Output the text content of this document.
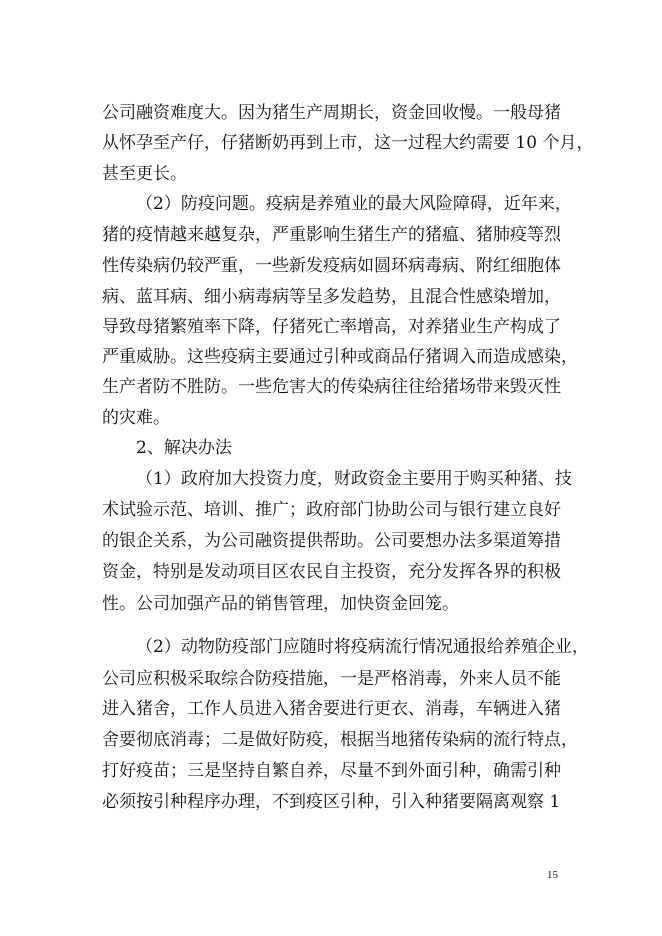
公司融资难度大。因为猪生产周期长，资金回收慢。一般母猪
从怀孕至产仔，仔猪断奶再到上市，这一过程大约需要 10 个月，
甚至更长。
（2）防疫问题。疫病是养殖业的最大风险障碍，近年来，
猪的疫情越来越复杂，严重影响生猪生产的猪瘟、猪肺疫等烈
性传染病仍较严重，一些新发疫病如圆环病毒病、附红细胞体
病、蓝耳病、细小病毒病等呈多发趋势，且混合性感染增加，
导致母猪繁殖率下降，仔猪死亡率增高，对养猪业生产构成了
严重威胁。这些疫病主要通过引种或商品仔猪调入而造成感染，
生产者防不胜防。一些危害大的传染病往往给猪场带来毁灭性
的灾难。
2、解决办法
（1）政府加大投资力度，财政资金主要用于购买种猪、技
术试验示范、培训、推广；政府部门协助公司与银行建立良好
的银企关系，为公司融资提供帮助。公司要想办法多渠道筹措
资金，特别是发动项目区农民自主投资，充分发挥各界的积极
性。公司加强产品的销售管理，加快资金回笼。
（2）动物防疫部门应随时将疫病流行情况通报给养殖企业，
公司应积极采取综合防疫措施，一是严格消毒，外来人员不能
进入猪舍，工作人员进入猪舍要进行更衣、消毒，车辆进入猪
舍要彻底消毒；二是做好防疫，根据当地猪传染病的流行特点，
打好疫苗；三是坚持自繁自养，尽量不到外面引种，确需引种
必须按引种程序办理，不到疫区引种，引入种猪要隔离观察 1
15
